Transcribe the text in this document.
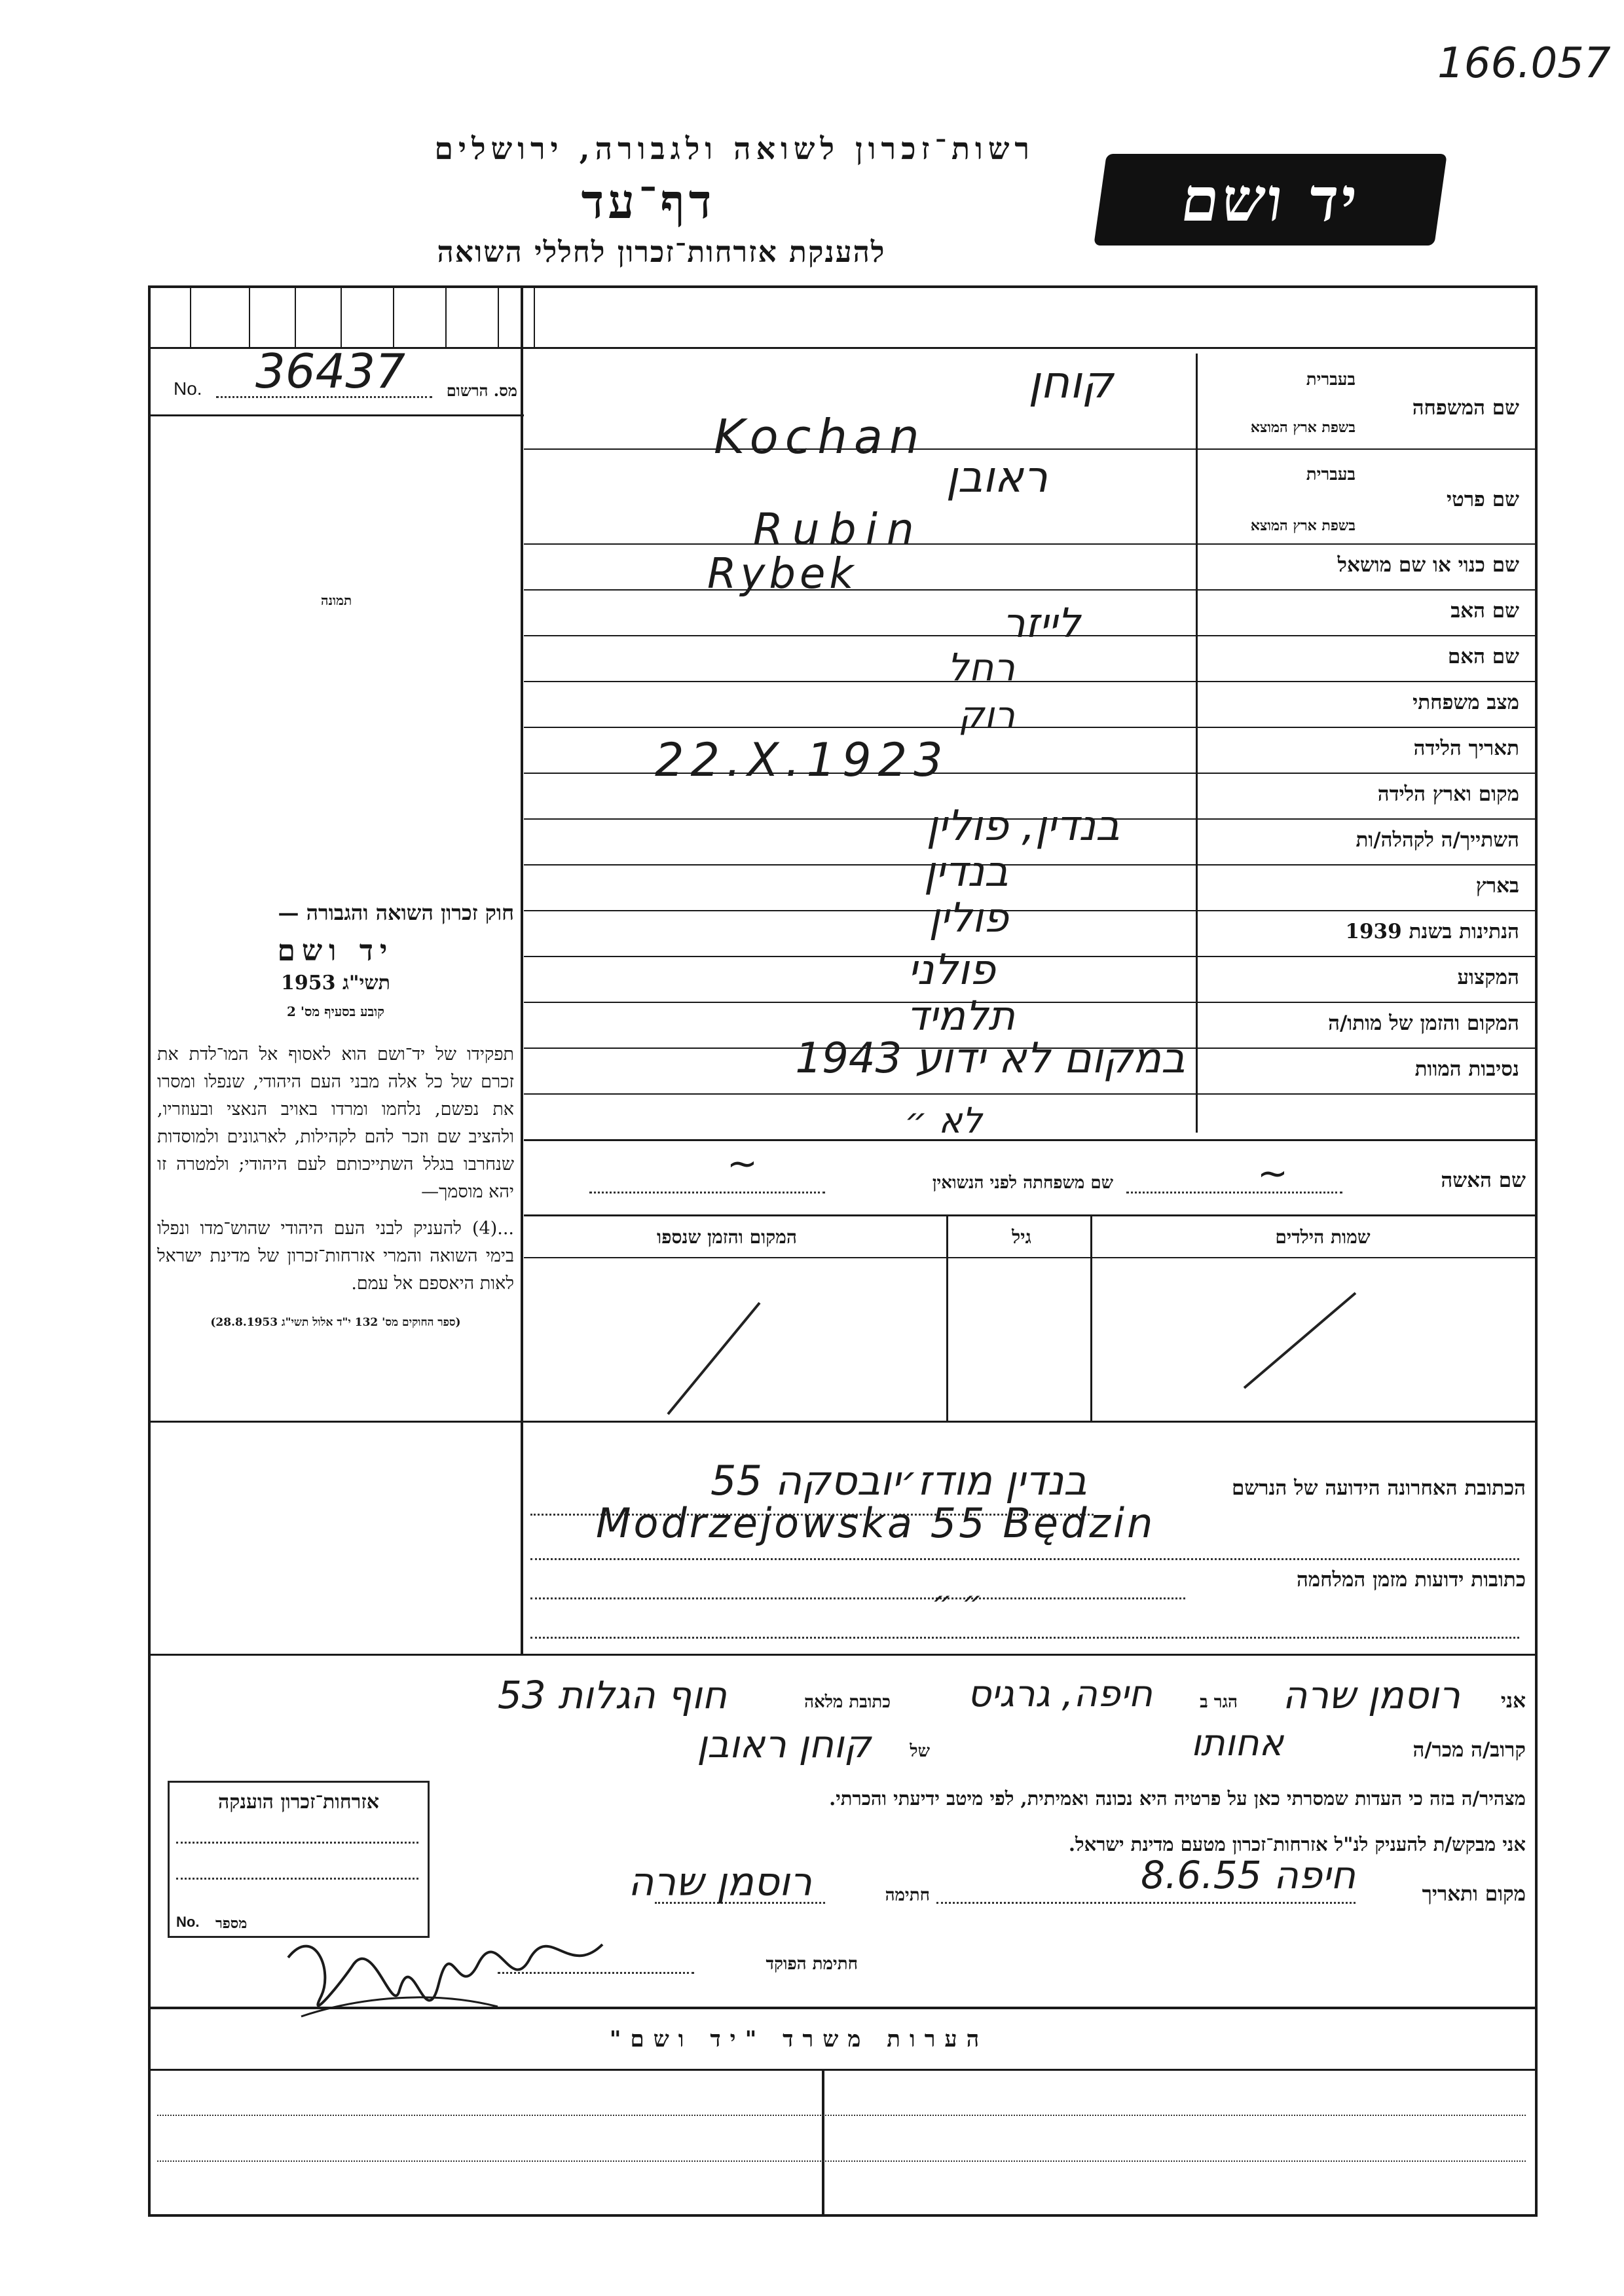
166.057
רשות־זכרון לשואה ולגבורה, ירושלים
דף־עד
להענקת אזרחות־זכרון לחללי השואה
יד ושם
No. 36437	מס. הרשום
תמונה
חוק זכרון השואה והגבורה —
יד ושם
תשי"ג 1953
קובע בסעיף מס' 2

תפקידו של יד־ושם הוא לאסוף אל המו־לדת את זכרם של כל אלה מבני העם היהודי, שנפלו ומסרו את נפשם, נלחמו ומרדו באויב הנאצי ובעוזריו, ולהציב שם וזכר להם לקהילות, לארגונים ולמוסדות שנחרבו בגלל השתייכותם לעם היהודי; ולמטרה זו יהא מוסמך—

...(4) להעניק לבני העם היהודי שהוש־מדו ונפלו בימי השואה והמרי אזרחות־זכרון של מדינת ישראל לאות היאספם אל עמם.

(ספר החוקים מס' 132 י"ד אלול תשי"ג 28.8.1953)

שם המשפחה
בעברית
בשפת ארץ המוצא
שם פרטי
בעברית
בשפת ארץ המוצא
שם כנוי או שם מושאל
שם האב
שם האם
מצב משפחתי
תאריך הלידה
מקום וארץ הלידה
השתייך/ה לקהלה/ות
בארץ
הנתינות בשנת 1939
המקצוע
המקום והזמן של מותו/ה
נסיבות המוות
קוחן
Kochan
ראובן
Rubin
Rybek
לייזר
רחל
רוק
22.X.1923
בנדין, פולין
בנדין
פולין
פולני
תלמיד
במקום לא ידוע 1943
לא ״
שם האשה
שם משפחתה לפני הנשואין	~
~
שמות הילדים
גיל
המקום והזמן שנספו
הכתובת האחרונה הידועה של הנרשם
בנדין מודז׳יובסקה 55
Modrzejowska 55 Będzin
כתובות ידועות מזמן המלחמה
״ ״
אני
רוסמן שרה
הגר ב
חיפה, גרגיס
כתובת מלאה
חוף הגלות 53
קרוב/ה מכר/ה
אחותו
של
קוחן ראובן
מצהיר/ה בזה כי העדות שמסרתי כאן על פרטיה היא נכונה ואמיתית, לפי מיטב ידיעתי והכרתי.
אני מבקש/ת להעניק לנ"ל אזרחות־זכרון מטעם מדינת ישראל.
מקום ותאריך
חיפה 8.6.55
חתימה
רוסמן שרה
חתימת הפוקד
אזרחות־זכרון הוענקה
No. מספר
הערות משרד "יד ושם"
